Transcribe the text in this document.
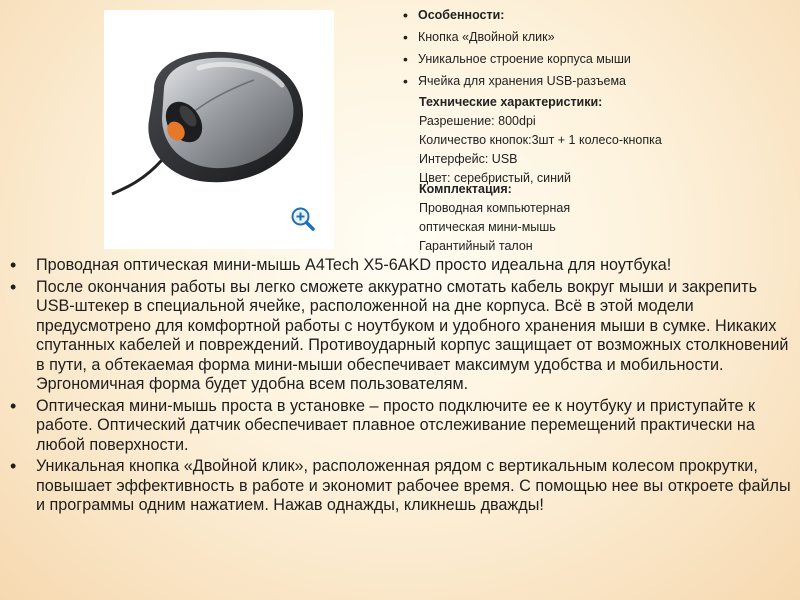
• Особенности:
• Кнопка «Двойной клик»
• Уникальное строение корпуса мыши
• Ячейка для хранения USB-разъема
Технические характеристики:
Разрешение: 800dpi
Количество кнопок:3шт + 1 колесо-кнопка
Интерфейс: USB
Цвет: серебристый, синий
Комплектация:
Проводная компьютерная
оптическая мини-мышь
Гарантийный талон
• Проводная оптическая мини-мышь A4Tech X5-6AKD просто идеальна для ноутбука!
• После окончания работы вы легко сможете аккуратно смотать кабель вокруг мыши и закрепить USB-штекер в специальной ячейке, расположенной на дне корпуса. Всё в этой модели предусмотрено для комфортной работы с ноутбуком и удобного хранения мыши в сумке. Никаких спутанных кабелей и повреждений. Противоударный корпус защищает от возможных столкновений в пути, а обтекаемая форма мини-мыши обеспечивает максимум удобства и мобильности. Эргономичная форма будет удобна всем пользователям.
• Оптическая мини-мышь проста в установке – просто подключите ее к ноутбуку и приступайте к работе. Оптический датчик обеспечивает плавное отслеживание перемещений практически на любой поверхности.
• Уникальная кнопка «Двойной клик», расположенная рядом с вертикальным колесом прокрутки, повышает эффективность в работе и экономит рабочее время. С помощью нее вы откроете файлы и программы одним нажатием. Нажав однажды, кликнешь дважды!
